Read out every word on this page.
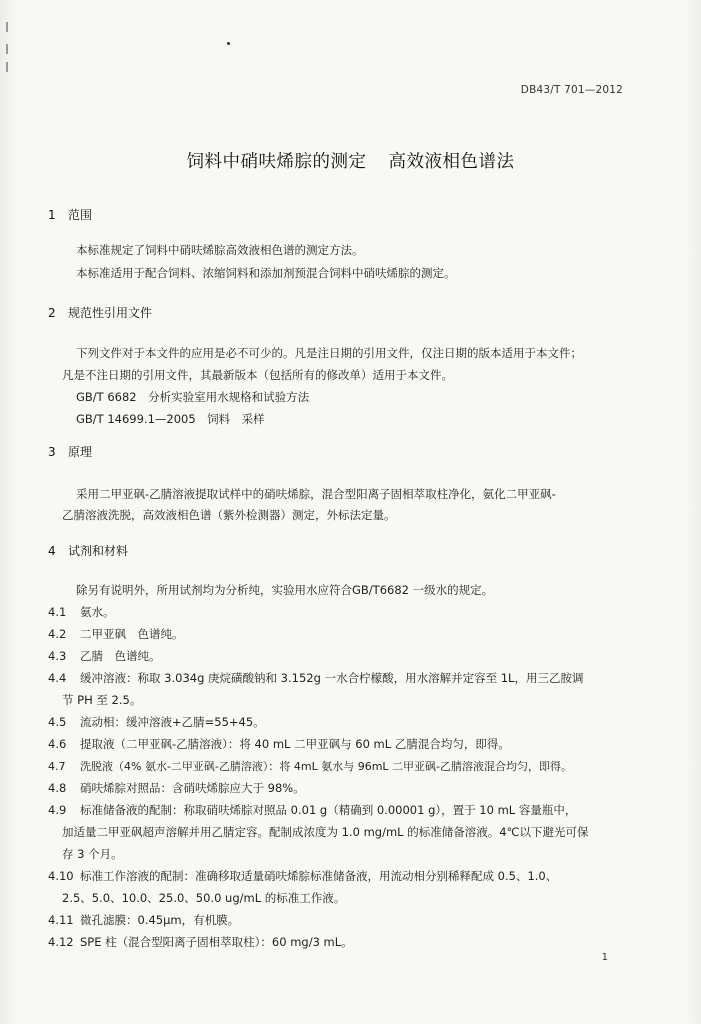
DB43/T 701—2012
饲料中硝呋烯腙的测定 高效液相色谱法
1 范围
本标准规定了饲料中硝呋烯腙高效液相色谱的测定方法。
本标准适用于配合饲料、浓缩饲料和添加剂预混合饲料中硝呋烯腙的测定。
2 规范性引用文件
下列文件对于本文件的应用是必不可少的。凡是注日期的引用文件，仅注日期的版本适用于本文件；
凡是不注日期的引用文件，其最新版本（包括所有的修改单）适用于本文件。
GB/T 6682　分析实验室用水规格和试验方法
GB/T 14699.1—2005　饲料　采样
3 原理
采用二甲亚砜-乙腈溶液提取试样中的硝呋烯腙，混合型阳离子固相萃取柱净化，氨化二甲亚砜-
乙腈溶液洗脱，高效液相色谱（紫外检测器）测定，外标法定量。
4 试剂和材料
除另有说明外，所用试剂均为分析纯，实验用水应符合GB/T6682 一级水的规定。
4.1 氨水。
4.2 二甲亚砜　色谱纯。
4.3 乙腈　色谱纯。
4.4 缓冲溶液：称取 3.034g 庚烷磺酸钠和 3.152g 一水合柠檬酸，用水溶解并定容至 1L，用三乙胺调
节 PH 至 2.5。
4.5 流动相：缓冲溶液+乙腈=55+45。
4.6 提取液（二甲亚砜-乙腈溶液）：将 40 mL 二甲亚砜与 60 mL 乙腈混合均匀，即得。
4.7 洗脱液（4% 氨水-二甲亚砜-乙腈溶液）：将 4mL 氨水与 96mL 二甲亚砜-乙腈溶液混合均匀，即得。
4.8 硝呋烯腙对照品：含硝呋烯腙应大于 98%。
4.9 标准储备液的配制：称取硝呋烯腙对照品 0.01 g（精确到 0.00001 g），置于 10 mL 容量瓶中，
加适量二甲亚砜超声溶解并用乙腈定容。配制成浓度为 1.0 mg/mL 的标准储备溶液。4℃以下避光可保
存 3 个月。
4.10 标准工作溶液的配制：准确移取适量硝呋烯腙标准储备液，用流动相分别稀释配成 0.5、1.0、
2.5、5.0、10.0、25.0、50.0 ug/mL 的标准工作液。
4.11 微孔滤膜：0.45μm，有机膜。
4.12 SPE 柱（混合型阳离子固相萃取柱）：60 mg/3 mL。
1
